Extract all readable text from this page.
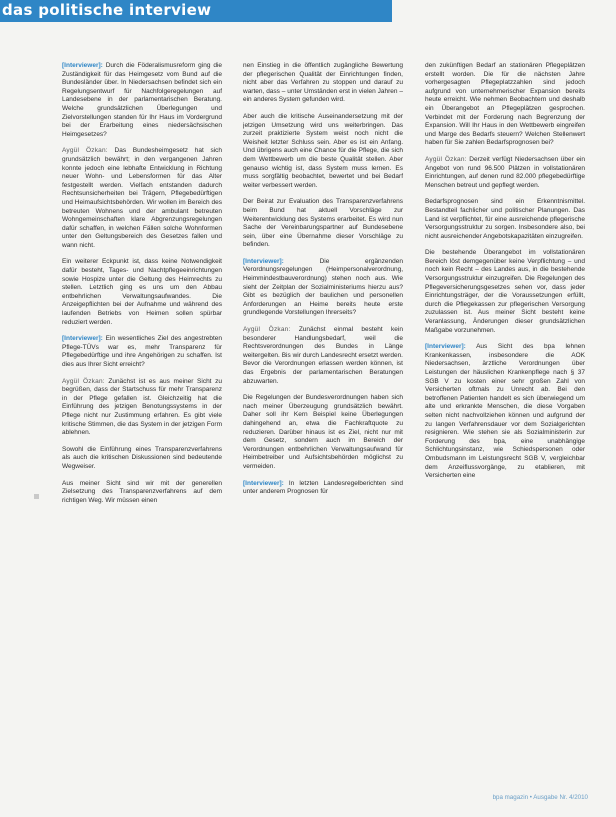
das politische interview

[Interviewer]: Durch die Föderalismusreform ging die Zuständigkeit für das Heimgesetz vom Bund auf die Bundesländer über. In Niedersachsen befindet sich ein Regelungsentwurf für Nachfolgeregelungen auf Landesebene in der parlamentarischen Beratung. Welche grundsätzlichen Überlegungen und Zielvorstellungen standen für Ihr Haus im Vordergrund bei der Erarbeitung eines niedersächsischen Heimgesetzes?

Aygül Özkan: Das Bundesheimgesetz hat sich grundsätzlich bewährt; in den vergangenen Jahren konnte jedoch eine lebhafte Entwicklung in Richtung neuer Wohn- und Lebensformen für das Alter festgestellt werden. Vielfach entstanden dadurch Rechtsunsicherheiten bei Trägern, Pflegebedürftigen und Heimaufsichtsbehörden. Wir wollen im Bereich des betreuten Wohnens und der ambulant betreuten Wohngemeinschaften klare Abgrenzungsregelungen dafür schaffen, in welchen Fällen solche Wohnformen unter den Geltungsbereich des Gesetzes fallen und wann nicht.

Ein weiterer Eckpunkt ist, dass keine Notwendigkeit dafür besteht, Tages- und Nachtpflegeeinrichtungen sowie Hospize unter die Geltung des Heimrechts zu stellen. Letztlich ging es uns um den Abbau entbehrlichen Verwaltungsaufwandes. Die Anzeigepflichten bei der Aufnahme und während des laufenden Betriebs von Heimen sollen spürbar reduziert werden.

[Interviewer]: Ein wesentliches Ziel des angestrebten Pflege-TÜVs war es, mehr Transparenz für Pflegebedürftige und ihre Angehörigen zu schaffen. Ist dies aus Ihrer Sicht erreicht?

Aygül Özkan: Zunächst ist es aus meiner Sicht zu begrüßen, dass der Startschuss für mehr Transparenz in der Pflege gefallen ist. Gleichzeitig hat die Einführung des jetzigen Benotungssystems in der Pflege nicht nur Zustimmung erfahren. Es gibt viele kritische Stimmen, die das System in der jetzigen Form ablehnen.

Sowohl die Einführung eines Transparenzverfahrens als auch die kritischen Diskussionen sind bedeutende Wegweiser.

Aus meiner Sicht sind wir mit der generellen Zielsetzung des Transparenzverfahrens auf dem richtigen Weg. Wir müssen einen

nen Einstieg in die öffentlich zugängliche Bewertung der pflegerischen Qualität der Einrichtungen finden, nicht aber das Verfahren zu stoppen und darauf zu warten, dass – unter Umständen erst in vielen Jahren – ein anderes System gefunden wird.

Aber auch die kritische Auseinandersetzung mit der jetzigen Umsetzung wird uns weiterbringen. Das zurzeit praktizierte System weist noch nicht die Weisheit letzter Schluss sein. Aber es ist ein Anfang. Und übrigens auch eine Chance für die Pflege, die sich dem Wettbewerb um die beste Qualität stellen. Aber genauso wichtig ist, dass System muss lernen. Es muss sorgfältig beobachtet, bewertet und bei Bedarf weiter verbessert werden.

Der Beirat zur Evaluation des Transparenzverfahrens beim Bund hat aktuell Vorschläge zur Weiterentwicklung des Systems erarbeitet. Es wird nun Sache der Vereinbarungspartner auf Bundesebene sein, über eine Übernahme dieser Vorschläge zu befinden.

[Interviewer]:	Die ergänzenden Verordnungsregelungen (Heimpersonalverordnung, Heimmindestbauverordnung) stehen noch aus. Wie sieht der Zeitplan der Sozialministeriums hierzu aus? Gibt es bezüglich der baulichen und personellen Anforderungen an Heime bereits heute erste grundlegende Vorstellungen Ihrerseits?

Aygül Özkan: Zunächst einmal besteht kein besonderer Handlungsbedarf, weil die Rechtsverordnungen des Bundes in Länge weitergelten. Bis wir durch Landesrecht ersetzt werden. Bevor die Verordnungen erlassen werden können, ist das Ergebnis der parlamentarischen Beratungen abzuwarten.

Die Regelungen der Bundesverordnungen haben sich nach meiner Überzeugung grundsätzlich bewährt. Daher soll ihr Kern Beispiel keine Überlegungen dahingehend an, etwa die Fachkraftquote zu reduzieren. Darüber hinaus ist es Ziel, nicht nur mit dem Gesetz, sondern auch im Bereich der Verordnungen entbehrlichen Verwaltungsaufwand für Heimbetreiber und Aufsichtsbehörden möglichst zu vermeiden.

[Interviewer]: In letzten Landesregelberichten sind unter anderem Prognosen für

den zukünftigen Bedarf an stationären Pflegeplätzen erstellt worden. Die für die nächsten Jahre vorhergesagten Pflegeplatzzahlen sind jedoch aufgrund von unternehmerischer Expansion bereits heute erreicht. Wie nehmen Beobachtern und deshalb ein Überangebot an Pflegeplätzen gesprochen. Verbindet mit der Forderung nach Begrenzung der Expansion. Will Ihr Haus in den Wettbewerb eingreifen und Marge des Bedarfs steuern? Welchen Stellenwert haben für Sie zahlen Bedarfsprognosen bei?

Aygül Özkan: Derzeit verfügt Niedersachsen über ein Angebot von rund 96.500 Plätzen in vollstationären Einrichtungen, auf denen rund 82.000 pflegebedürftige Menschen betreut und gepflegt werden.

Bedarfsprognosen sind ein Erkenntnismittel. Bestandteil fachlicher und politischer Planungen. Das Land ist verpflichtet, für eine ausreichende pflegerische Versorgungsstruktur zu sorgen. Insbesondere also, bei nicht ausreichender Angebotskapazitäten einzugreifen.

Die bestehende Überangebot im vollstationären Bereich löst demgegenüber keine Verpflichtung – und noch kein Recht – des Landes aus, in die bestehende Versorgungsstruktur einzugreifen. Die Regelungen des Pflegeversicherungsgesetzes sehen vor, dass jeder Einrichtungsträger, der die Voraussetzungen erfüllt, durch die Pflegekassen zur pflegerischen Versorgung zuzulassen ist. Aus meiner Sicht besteht keine Veranlassung, Änderungen dieser grundsätzlichen Maßgabe vorzunehmen.

[Interviewer]: Aus Sicht des bpa lehnen Krankenkassen, insbesondere die AOK Niedersachsen, ärztliche Verordnungen über Leistungen der häuslichen Krankenpflege nach § 37 SGB V zu kosten einer sehr großen Zahl von Versicherten oftmals zu Unrecht ab. Bei den betroffenen Patienten handelt es sich überwiegend um alte und erkrankte Menschen, die diese Vorgaben selten nicht nachvollziehen können und aufgrund der zu langen Verfahrensdauer vor dem Sozialgerichten resignieren. Wie stehen sie als Sozialministerin zur Forderung des bpa, eine unabhängige Schlichtungsinstanz, wie Schiedspersonen oder Ombudsmann im Leistungsrecht SGB V, vergleichbar dem Anzeiflussvorgänge, zu etablieren, mit Versicherten eine

bpa magazin • Ausgabe Nr. 4/2010
